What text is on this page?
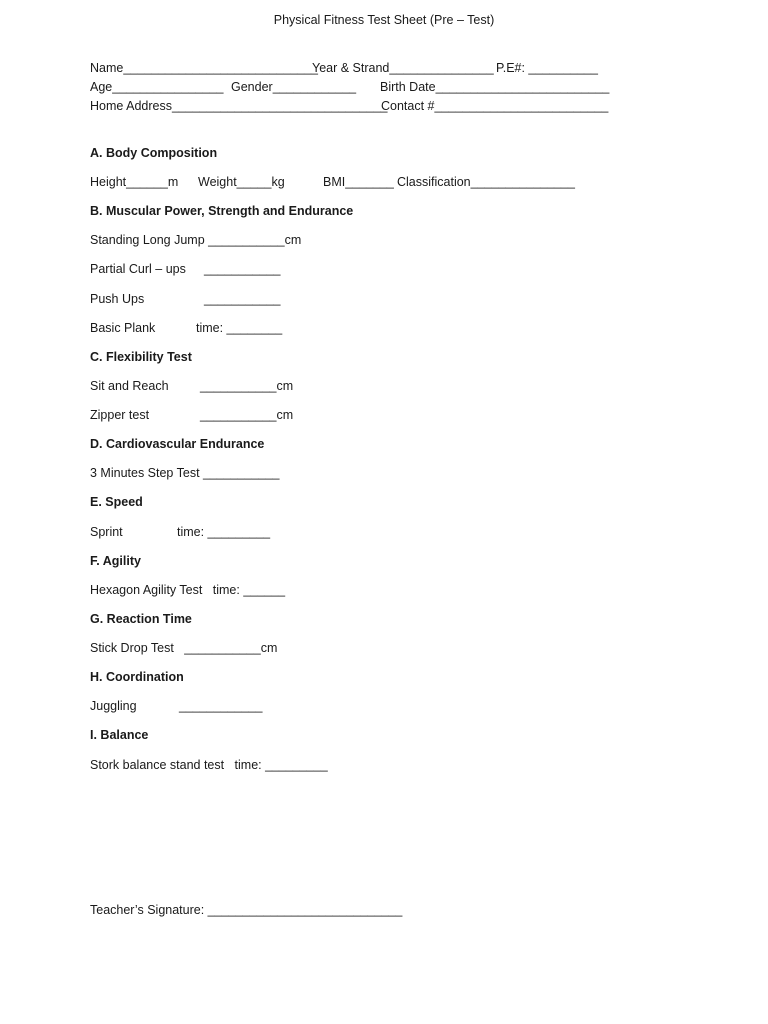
Physical Fitness Test Sheet (Pre – Test)
Name____________________________
Year & Strand_______________ P.E#: __________
Age________________ Gender____________ Birth Date_________________________
Home Address_______________________________
Contact #_________________________
A. Body Composition
Height______m Weight_____kg	BMI_______ Classification_______________
B. Muscular Power, Strength and Endurance
Standing Long Jump ___________cm
Partial Curl – ups ___________
Push Ups	___________
Basic Plank	time: ________
C. Flexibility Test
Sit and Reach	___________cm
Zipper test	___________cm
D. Cardiovascular Endurance
3 Minutes Step Test ___________
E. Speed
Sprint	time: _________
F. Agility
Hexagon Agility Test   time: ______
G. Reaction Time
Stick Drop Test   ___________cm
H. Coordination
Juggling	____________
I. Balance
Stork balance stand test   time: _________
Teacher’s Signature: ____________________________
